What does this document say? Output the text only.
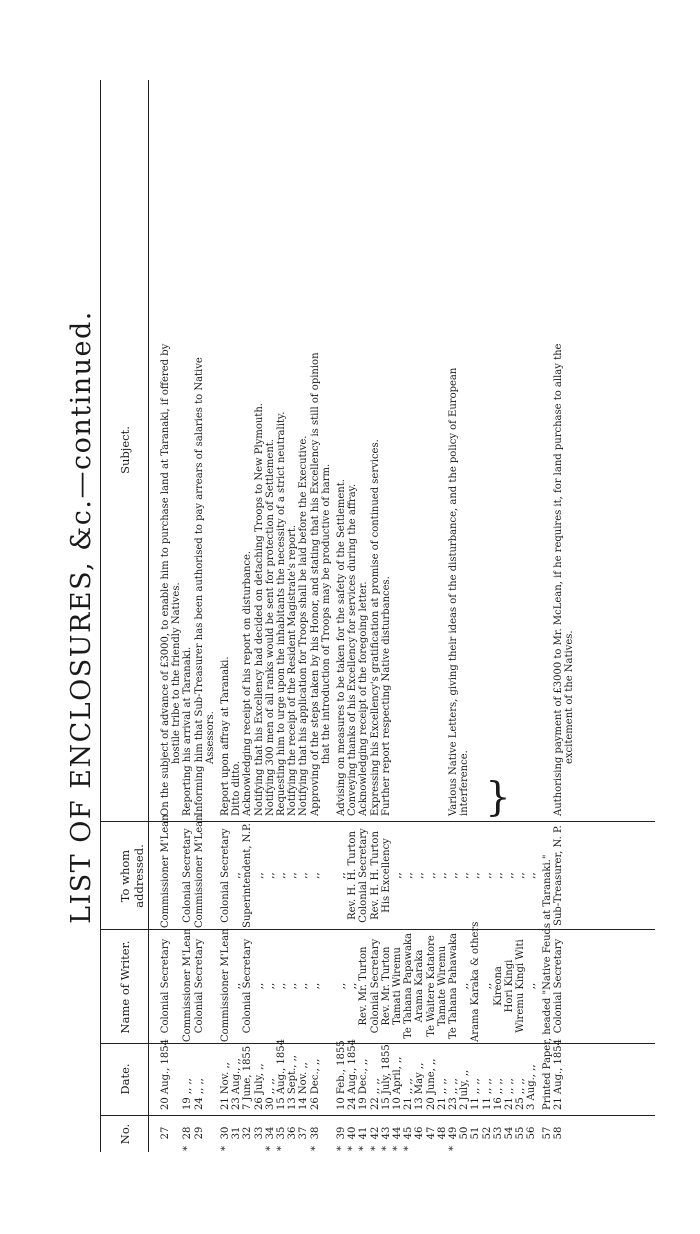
LIST OF ENCLOSURES, &c.—continued.
No.
Date.
Name of Writer.
To whom addressed.
Subject.
27
20 Aug., 1854
Colonial Secretary
Commissioner M'Lean
On the subject of advance of £3000, to enable him to purchase land at Taranaki, if offered by hostile tribe to the friendly Natives.
*
28
19 ,, ,,
Commissioner M'Lean
Colonial Secretary
Reporting his arrival at Taranaki.
29
24 ,, ,,
Colonial Secretary
Commissioner M'Lean
Informing him that Sub-Treasurer has been authorised to pay arrears of salaries to Native Assessors.
*
30
21 Nov. ,,
Commissioner M'Lean
Colonial Secretary
Report upon affray at Taranaki.
31
23 Aug., ,,
,,
,,
Ditto ditto.
32
7 June, 1855
Colonial Secretary
Superintendent, N.P.
Acknowledging receipt of his report on disturbance.
33
26 July, ,,
,,
,,
Notifying that his Excellency had decided on detaching Troops to New Plymouth.
*
34
30 ,, ,,
,,
,,
Notifying 300 men of all ranks would be sent for protection of Settlement.
*
35
15 Aug., 1854
,,
,,
Requesting him to urge upon the inhabitants the necessity of a strict neutrality.
36
13 Sept., ,,
,,
,,
Notifying the receipt of the Resident Magistrate's report.
37
14 Nov. ,,
,,
,,
Notifying that his application for Troops shall be laid before the Executive.
*
38
26 Dec., ,,
,,
,,
Approving of the steps taken by his Honor, and stating that his Excellency is still of opinion that the introduction of Troops may be productive of harm.
*
39
10 Feb., 1855
,,
,,
Advising on measures to be taken for the safety of the Settlement.
*
40
24 Aug., 1854
,,
Rev. H. H. Turton
Conveying thanks of his Excellency for services during the affray.
*
41
19 Dec., ,,
Rev. Mr. Turton
Colonial Secretary
Acknowledging receipt of the foregoing letter.
*
42
22 ,, ,,
Colonial Secretary
Rev. H. H. Turton
Expressing his Excellency's gratification at promise of continued services.
*
43
15 July, 1855
Rev. Mr. Turton
His Excellency
Further report respecting Native disturbances.
*
44
10 April, ,,
Tamati Wiremu
,,
*
45
21 ,, ,,
Te Tahana Papawaka
,,
46
13 May ,,
Arama Karaka
,,
47
20 June, ,,
Te Waitere Katatore
,,
48
21 ,, ,,
Tamate Wiremu
,,
*
49
23 ,, ,,
Te Tahana Pahawaka
,,
Various Native Letters, giving their ideas of the disturbance, and the policy of European
50
2 July, ,,
,,
,,
interference.
51
11 ,, ,,
Arama Karaka & others
,,
52
11 ,, ,,
,,
,,
53
16 ,, ,,
Kireona
,,
54
21 ,, ,,
Hori Kingi
,,
55
25 ,, ,,
Wiremu Kingi Witi
,,
56
3 Aug., ,,
,,
,,
57
Printed Paper, headed "Native Feuds at Taranaki."
58
21 Aug., 1854
Colonial Secretary
Sub-Treasurer, N. P.
Authorising payment of £3000 to Mr. McLean, if he requires it, for land purchase to allay the excitement of the Natives.
}
